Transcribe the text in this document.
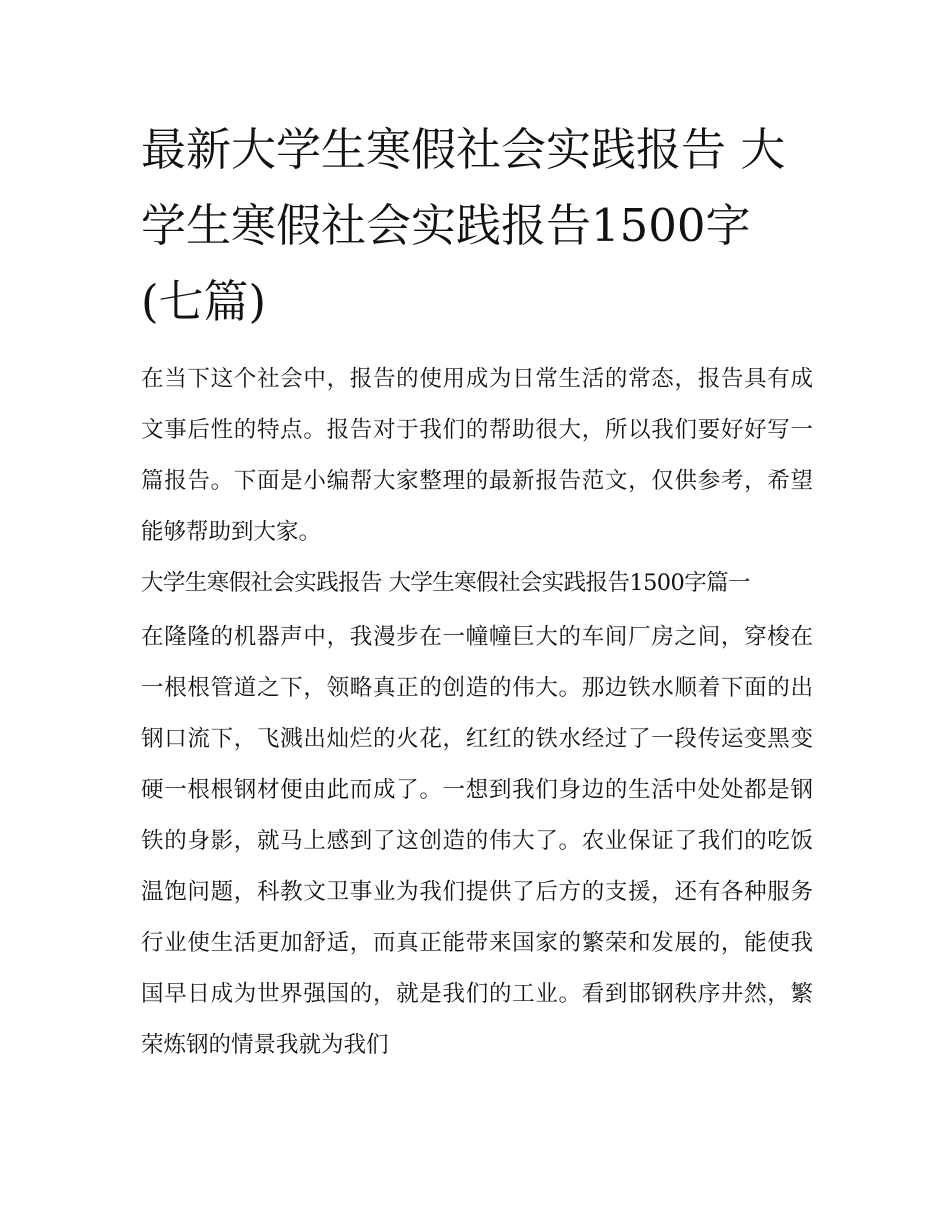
最新大学生寒假社会实践报告 大学生寒假社会实践报告1500字(七篇)

在当下这个社会中，报告的使用成为日常生活的常态，报告具有成文事后性的特点。报告对于我们的帮助很大，所以我们要好好写一篇报告。下面是小编帮大家整理的最新报告范文，仅供参考，希望能够帮助到大家。

大学生寒假社会实践报告 大学生寒假社会实践报告1500字篇一

在隆隆的机器声中，我漫步在一幢幢巨大的车间厂房之间，穿梭在一根根管道之下，领略真正的创造的伟大。那边铁水顺着下面的出钢口流下，飞溅出灿烂的火花，红红的铁水经过了一段传运变黑变硬一根根钢材便由此而成了。一想到我们身边的生活中处处都是钢铁的身影，就马上感到了这创造的伟大了。农业保证了我们的吃饭温饱问题，科教文卫事业为我们提供了后方的支援，还有各种服务行业使生活更加舒适，而真正能带来国家的繁荣和发展的，能使我国早日成为世界强国的，就是我们的工业。看到邯钢秩序井然，繁荣炼钢的情景我就为我们
